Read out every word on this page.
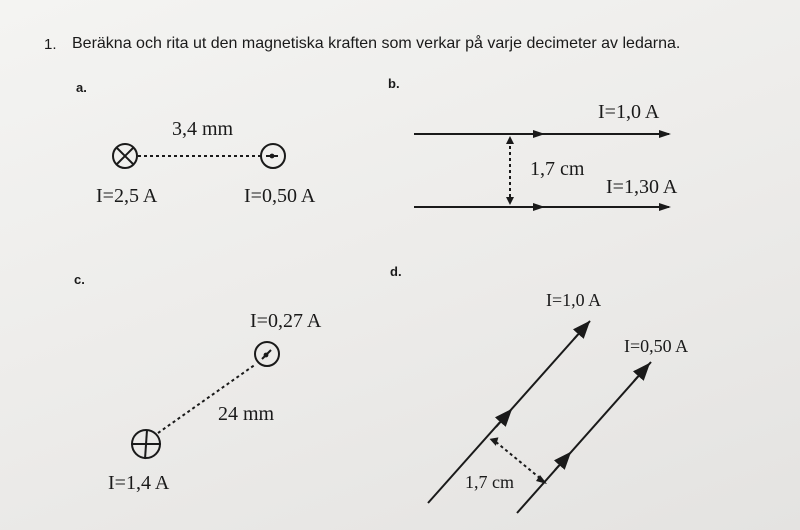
1. Beräkna och rita ut den magnetiska kraften som verkar på varje decimeter av ledarna.
a.	b.
c.
d.
3,4 mm
I=2,5 A	I=0,50 A
I=1,0 A
1,7 cm
I=1,30 A
I=0,27 A
24 mm
I=1,4 A
I=1,0 A
I=0,50 A
1,7 cm
